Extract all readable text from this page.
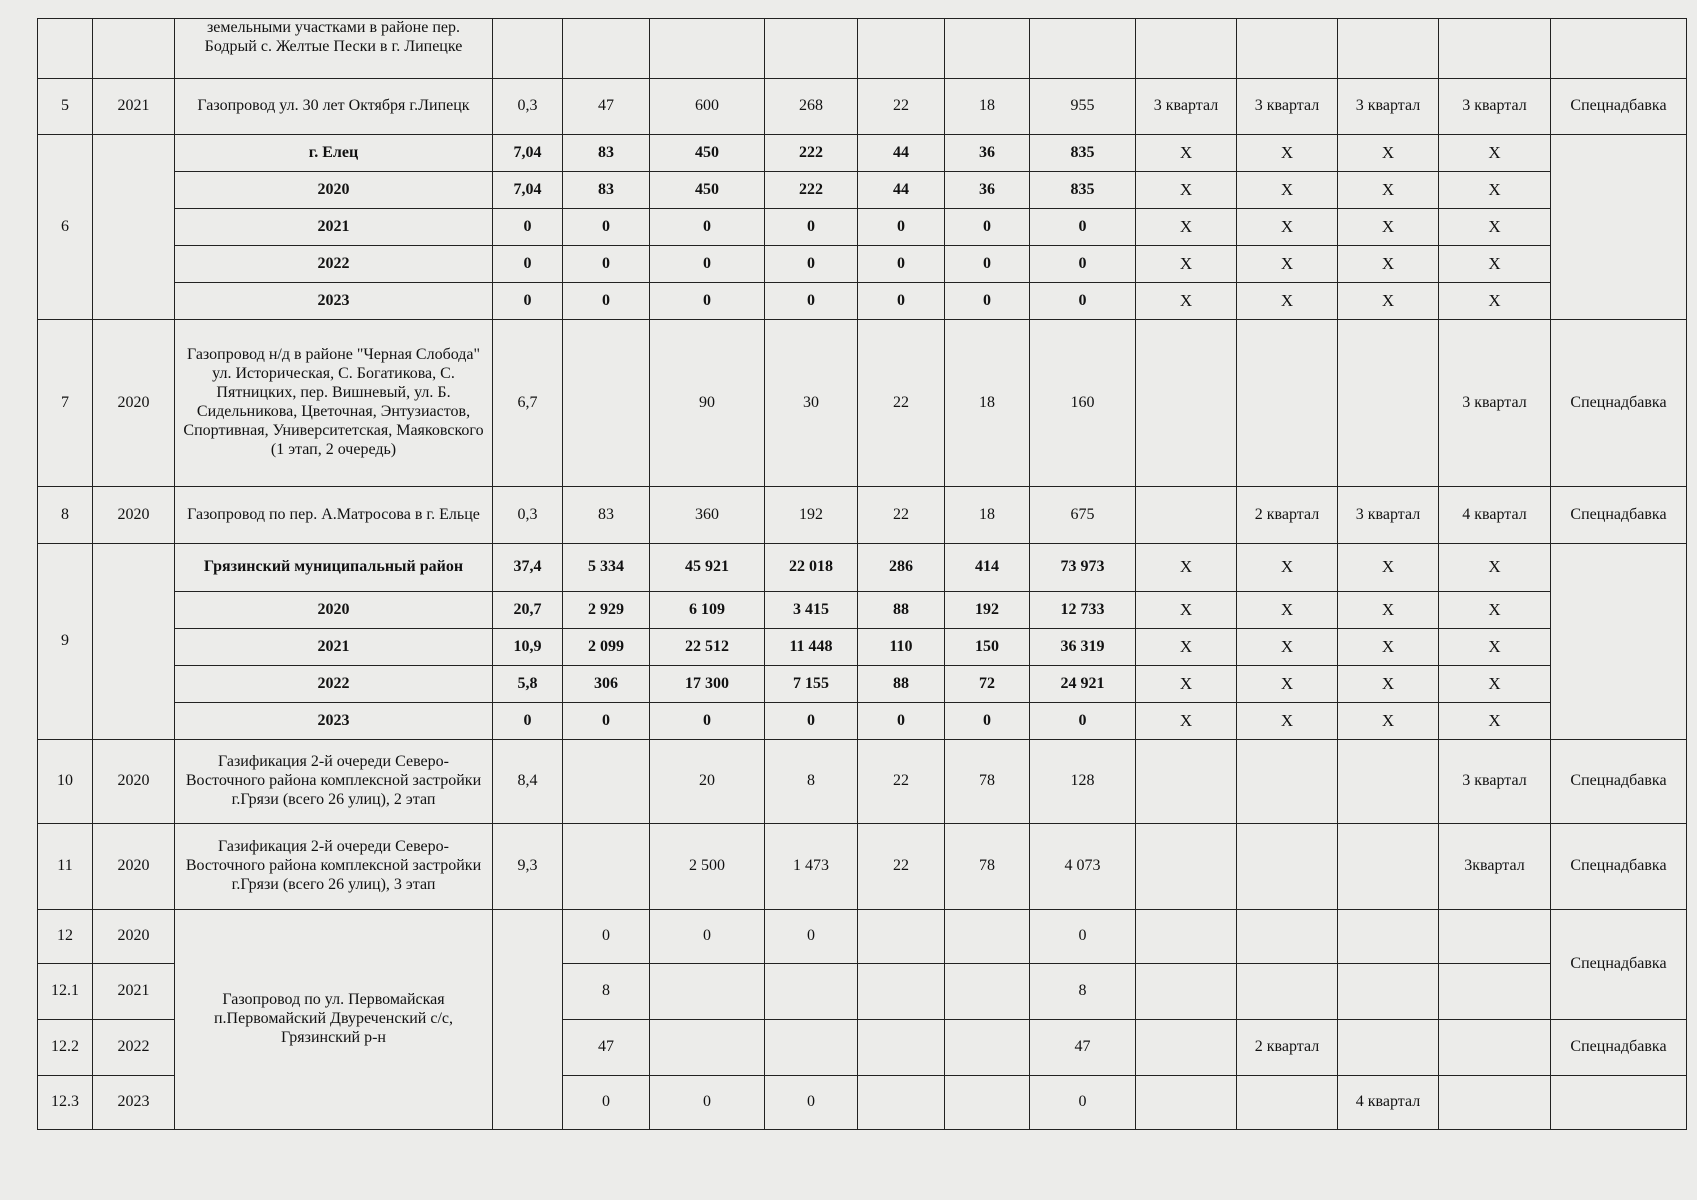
		земельными участками в районе пер. Бодрый с. Желтые Пески в г. Липецке												
5	2021	Газопровод ул. 30 лет Октября г.Липецк	0,3	47	600	268	22	18	955	3 квартал	3 квартал	3 квартал	3 квартал	Спецнадбавка
6		г. Елец	7,04	83	450	222	44	36	835	X	X	X	X	
		2020	7,04	83	450	222	44	36	835	X	X	X	X	
		2021	0	0	0	0	0	0	0	X	X	X	X	
		2022	0	0	0	0	0	0	0	X	X	X	X	
		2023	0	0	0	0	0	0	0	X	X	X	X	
7	2020	Газопровод н/д в районе "Черная Слобода" ул. Историческая, С. Богатикова, С. Пятницких, пер. Вишневый, ул. Б. Сидельникова, Цветочная, Энтузиастов, Спортивная, Университетская, Маяковского (1 этап, 2 очередь)	6,7		90	30	22	18	160				3 квартал	Спецнадбавка
8	2020	Газопровод по пер. А.Матросова в г. Ельце	0,3	83	360	192	22	18	675		2 квартал	3 квартал	4 квартал	Спецнадбавка
9		Грязинский муниципальный район	37,4	5 334	45 921	22 018	286	414	73 973	X	X	X	X	
		2020	20,7	2 929	6 109	3 415	88	192	12 733	X	X	X	X	
		2021	10,9	2 099	22 512	11 448	110	150	36 319	X	X	X	X	
		2022	5,8	306	17 300	7 155	88	72	24 921	X	X	X	X	
		2023	0	0	0	0	0	0	0	X	X	X	X	
10	2020	Газификация 2-й очереди Северо-Восточного района комплексной застройки г.Грязи (всего 26 улиц), 2 этап	8,4		20	8	22	78	128				3 квартал	Спецнадбавка
11	2020	Газификация 2-й очереди Северо-Восточного района комплексной застройки г.Грязи (всего 26 улиц), 3 этап	9,3		2 500	1 473	22	78	4 073				3квартал	Спецнадбавка
12	2020	Газопровод по ул. Первомайская п.Первомайский Двуреченский с/с, Грязинский р-н		0	0	0			0					Спецнадбавка
12.1	2021			8					8					
12.2	2022			47					47		2 квартал			Спецнадбавка
12.3	2023			0	0	0			0			4 квартал		
